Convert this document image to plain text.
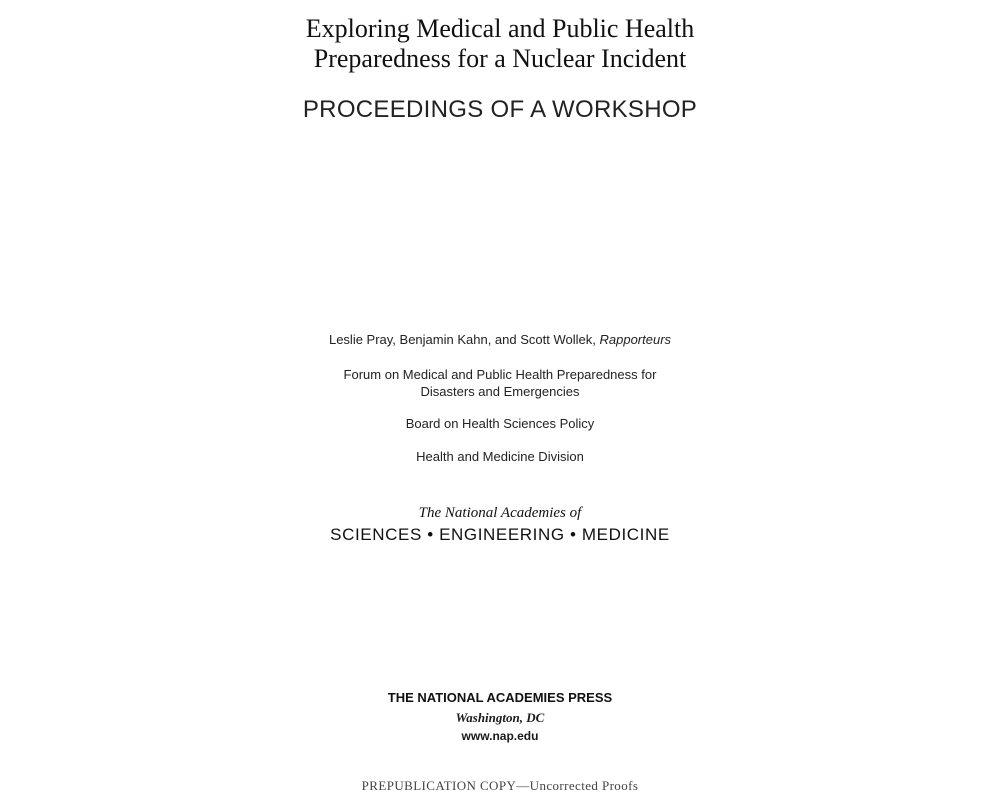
Exploring Medical and Public Health
Preparedness for a Nuclear Incident
PROCEEDINGS OF A WORKSHOP
Leslie Pray, Benjamin Kahn, and Scott Wollek, Rapporteurs
Forum on Medical and Public Health Preparedness for
Disasters and Emergencies
Board on Health Sciences Policy
Health and Medicine Division
The National Academies of
SCIENCES • ENGINEERING • MEDICINE
THE NATIONAL ACADEMIES PRESS
Washington, DC
www.nap.edu
PREPUBLICATION COPY—Uncorrected Proofs
